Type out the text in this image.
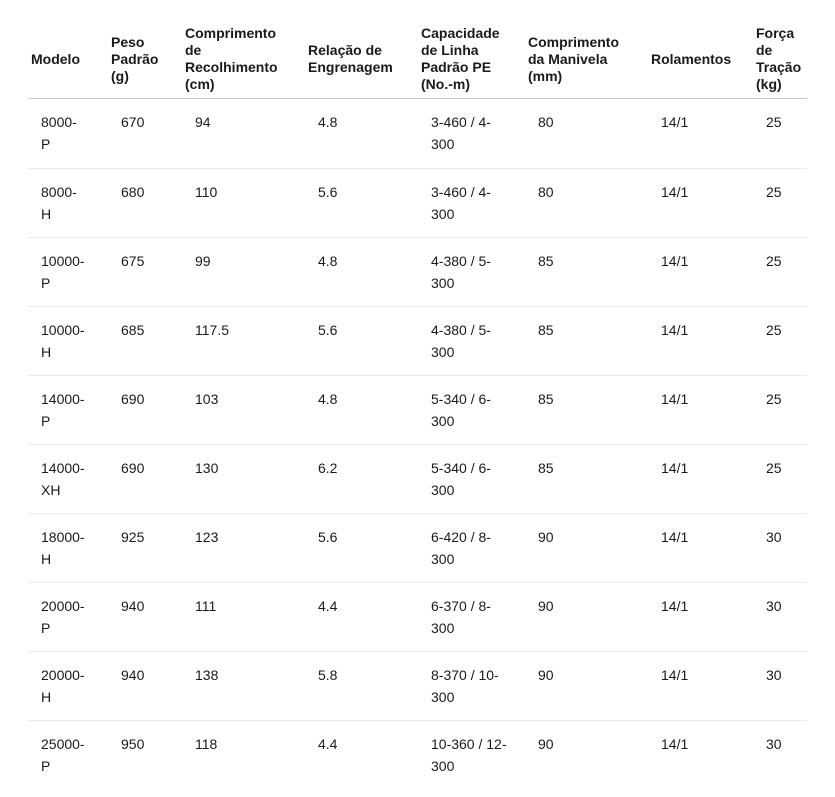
Modelo	Peso Padrão (g)	Comprimento de Recolhimento (cm)	Relação de Engrenagem	Capacidade de Linha Padrão PE (No.-m)	Comprimento da Manivela (mm)	Rolamentos	Força de Tração (kg)
8000-P	670	94	4.8	3-460 / 4-300	80	14/1	25
8000-H	680	110	5.6	3-460 / 4-300	80	14/1	25
10000-P	675	99	4.8	4-380 / 5-300	85	14/1	25
10000-H	685	117.5	5.6	4-380 / 5-300	85	14/1	25
14000-P	690	103	4.8	5-340 / 6-300	85	14/1	25
14000-XH	690	130	6.2	5-340 / 6-300	85	14/1	25
18000-H	925	123	5.6	6-420 / 8-300	90	14/1	30
20000-P	940	111	4.4	6-370 / 8-300	90	14/1	30
20000-H	940	138	5.8	8-370 / 10-300	90	14/1	30
25000-P	950	118	4.4	10-360 / 12-300	90	14/1	30
